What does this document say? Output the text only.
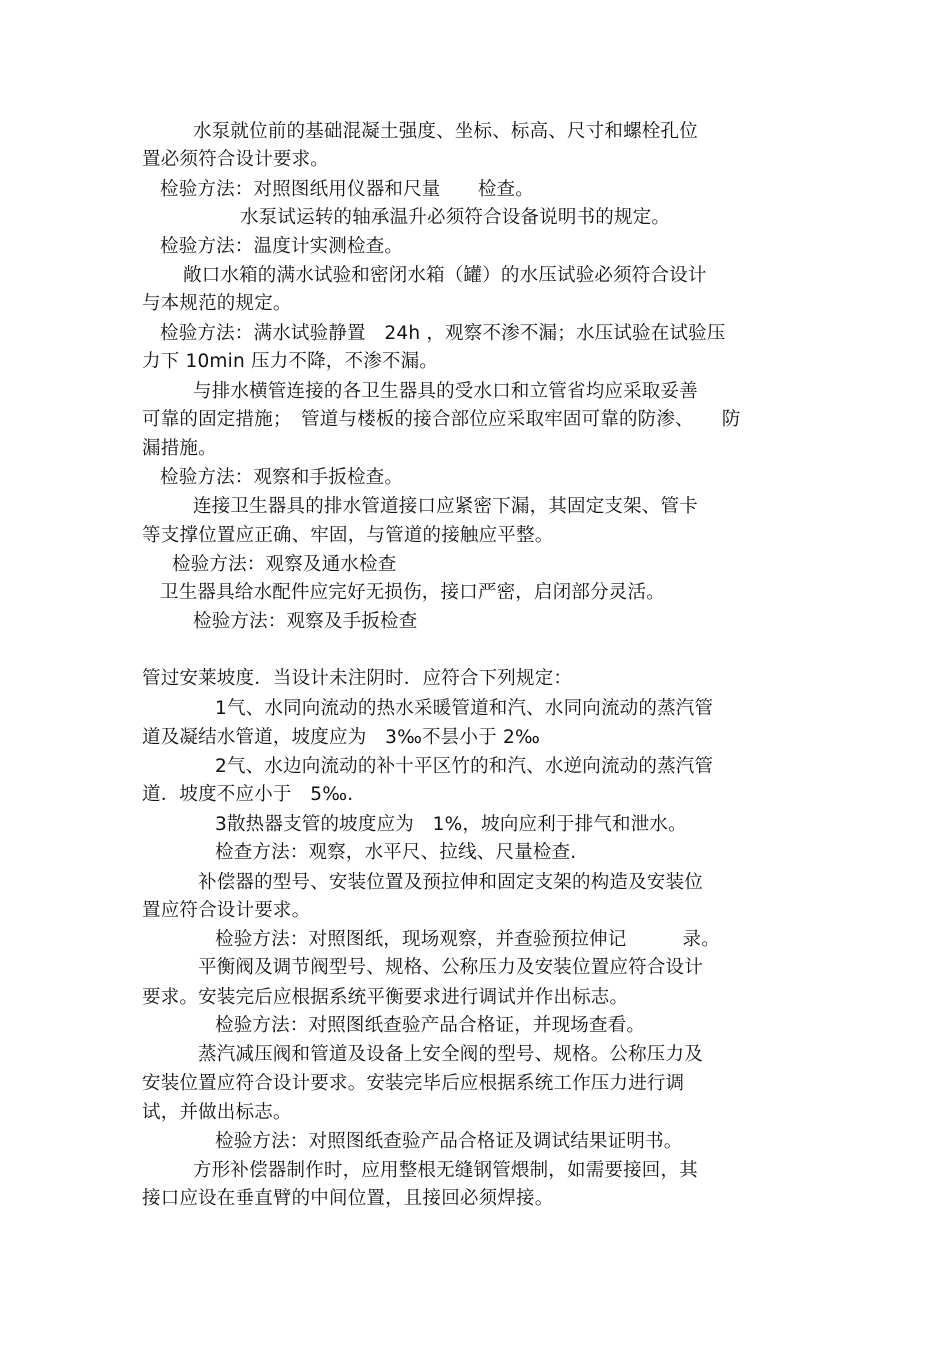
水泵就位前的基础混凝土强度、坐标、标高、尺寸和螺栓孔位
置必须符合设计要求。
检验方法：对照图纸用仪器和尺量　　检查。
水泵试运转的轴承温升必须符合设备说明书的规定。
检验方法：温度计实测检查。
敞口水箱的满水试验和密闭水箱（罐）的水压试验必须符合设计
与本规范的规定。
检验方法：满水试验静置　24h ，观察不渗不漏；水压试验在试验压
力下 10min 压力不降，不渗不漏。
与排水横管连接的各卫生器具的受水口和立管省均应采取妥善
可靠的固定措施；　管道与楼板的接合部位应采取牢固可靠的防渗、　　防
漏措施。
检验方法：观察和手扳检查。
连接卫生器具的排水管道接口应紧密下漏，其固定支架、管卡
等支撑位置应正确、牢固，与管道的接触应平整。
检验方法：观察及通水检查
卫生器具给水配件应完好无损伤，接口严密，启闭部分灵活。
检验方法：观察及手扳检查
管过安莱坡度．当设计未注阴时．应符合下列规定：
1气、水同向流动的热水采暖管道和汽、水同向流动的蒸汽管
道及凝结水管道，坡度应为　3‰不昙小于 2‰
2气、水边向流动的补十平区竹的和汽、水逆向流动的蒸汽管
道．坡度不应小于　5‰.
3散热器支管的坡度应为　1%，坡向应利于排气和泄水。
检查方法：观察，水平尺、拉线、尺量检查.
补偿器的型号、安装位置及预拉伸和固定支架的构造及安装位
置应符合设计要求。
检验方法：对照图纸，现场观察，并查验预拉伸记　　　录。
平衡阀及调节阀型号、规格、公称压力及安装位置应符合设计
要求。安装完后应根据系统平衡要求进行调试并作出标志。
检验方法：对照图纸查验产品合格证，并现场查看。
蒸汽减压阀和管道及设备上安全阀的型号、规格。公称压力及
安装位置应符合设计要求。安装完毕后应根据系统工作压力进行调
试，并做出标志。
检验方法：对照图纸查验产品合格证及调试结果证明书。
方形补偿器制作时，应用整根无缝钢管煨制，如需要接回，其
接口应设在垂直臂的中间位置，且接回必须焊接。
